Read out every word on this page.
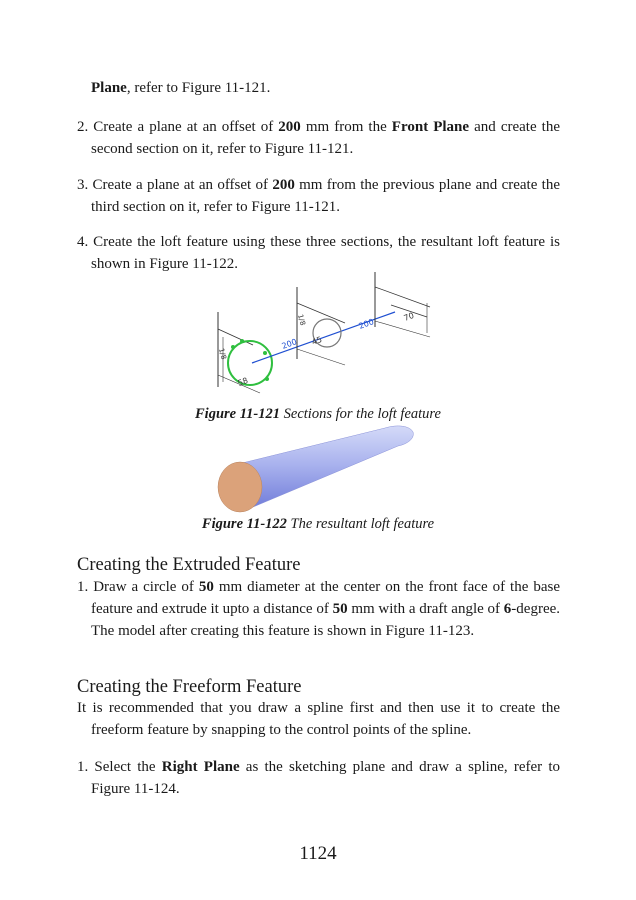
Plane, refer to Figure 11-121.
2. Create a plane at an offset of 200 mm from the Front Plane and create the second section on it, refer to Figure 11-121.
3. Create a plane at an offset of 200 mm from the previous plane and create the third section on it, refer to Figure 11-121.
4. Create the loft feature using these three sections, the resultant loft feature is shown in Figure 11-122.
1/8
58
200
1/8
45
200
70
Figure 11-121 Sections for the loft feature
Figure 11-122 The resultant loft feature
Creating the Extruded Feature
1. Draw a circle of 50 mm diameter at the center on the front face of the base feature and extrude it upto a distance of 50 mm with a draft angle of 6-degree. The model after creating this feature is shown in Figure 11-123.
Creating the Freeform Feature
It is recommended that you draw a spline first and then use it to create the freeform feature by snapping to the control points of the spline.
1. Select the Right Plane as the sketching plane and draw a spline, refer to Figure 11-124.
1124
